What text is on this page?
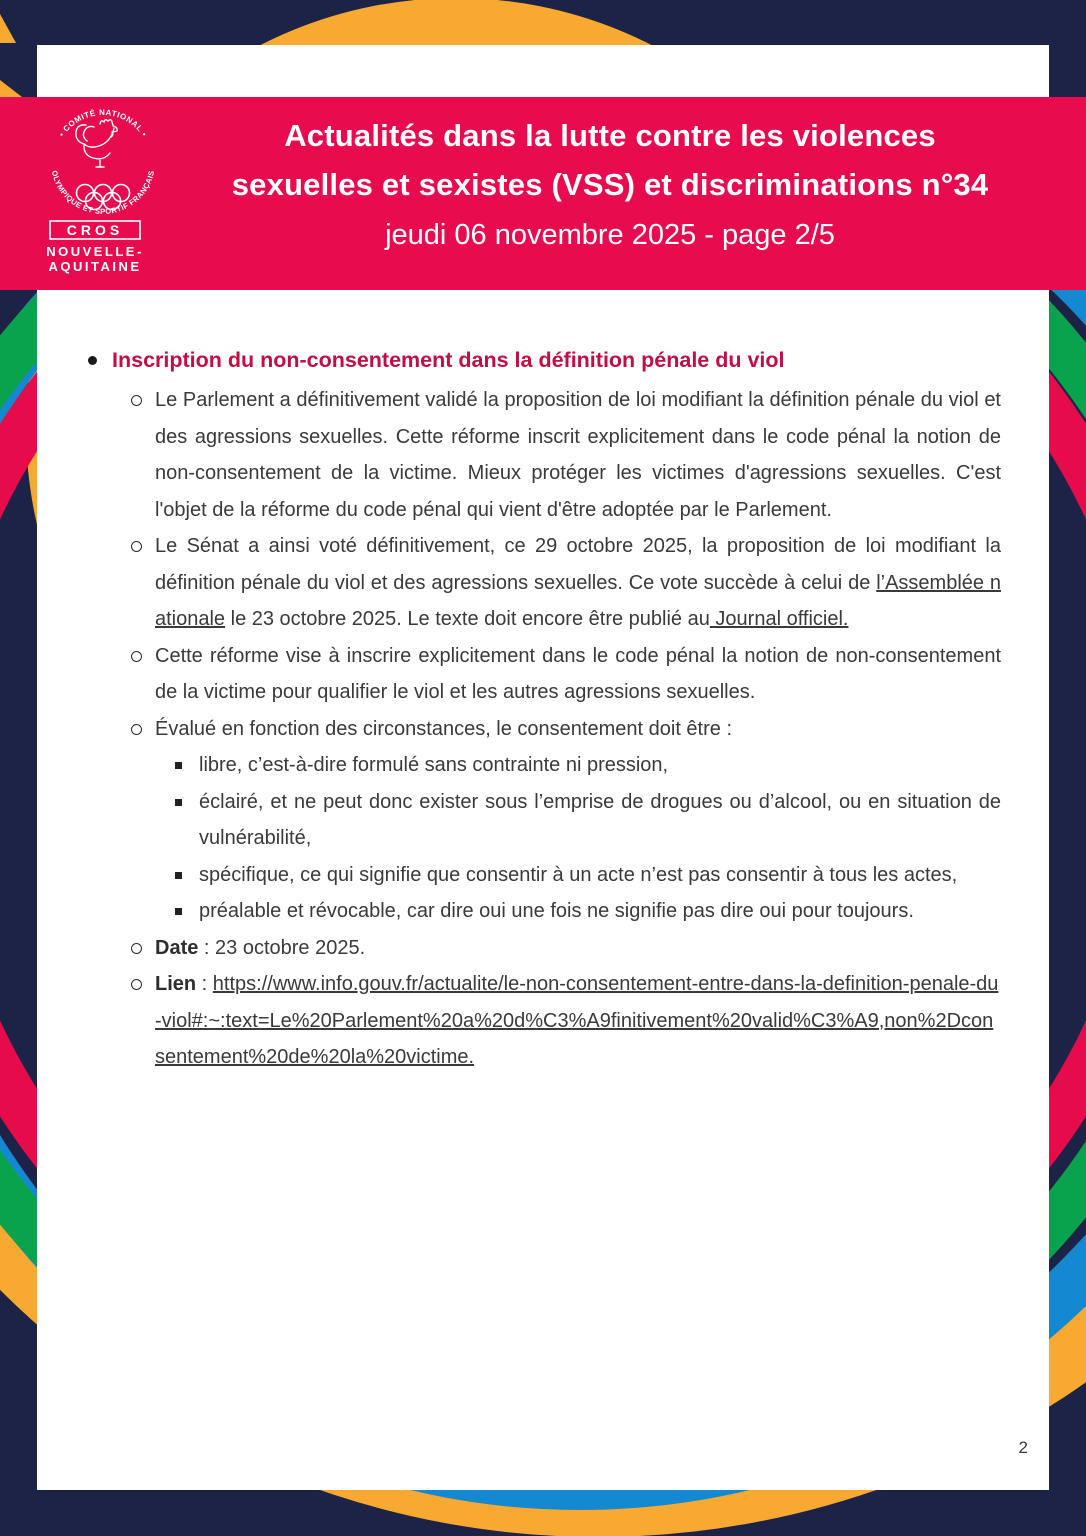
• COMITÉ NATIONAL •
OLYMPIQUE ET SPORTIF FRANÇAIS
CROS
NOUVELLE-
AQUITAINE
Actualités dans la lutte contre les violences
sexuelles et sexistes (VSS) et discriminations n°34
jeudi 06 novembre 2025 - page 2/5
Inscription du non-consentement dans la définition pénale du viol
Le Parlement a définitivement validé la proposition de loi modifiant la définition pénale du viol et des agressions sexuelles. Cette réforme inscrit explicitement dans le code pénal la notion de non-consentement de la victime. Mieux protéger les victimes d'agressions sexuelles. C'est l'objet de la réforme du code pénal qui vient d'être adoptée par le Parlement.
Le Sénat a ainsi voté définitivement, ce 29 octobre 2025, la proposition de loi modifiant la définition pénale du viol et des agressions sexuelles. Ce vote succède à celui de l’Assemblée nationale le 23 octobre 2025. Le texte doit encore être publié au Journal officiel.
Cette réforme vise à inscrire explicitement dans le code pénal la notion de non-consentement de la victime pour qualifier le viol et les autres agressions sexuelles.
Évalué en fonction des circonstances, le consentement doit être :
libre, c’est-à-dire formulé sans contrainte ni pression,
éclairé, et ne peut donc exister sous l’emprise de drogues ou d’alcool, ou en situation de vulnérabilité,
spécifique, ce qui signifie que consentir à un acte n’est pas consentir à tous les actes,
préalable et révocable, car dire oui une fois ne signifie pas dire oui pour toujours.
Date : 23 octobre 2025.
Lien : https://www.info.gouv.fr/actualite/le-non-consentement-entre-dans-la-definition-penale-du-viol#:~:text=Le%20Parlement%20a%20d%C3%A9finitivement%20valid%C3%A9,non%2Dconsentement%20de%20la%20victime.
2
